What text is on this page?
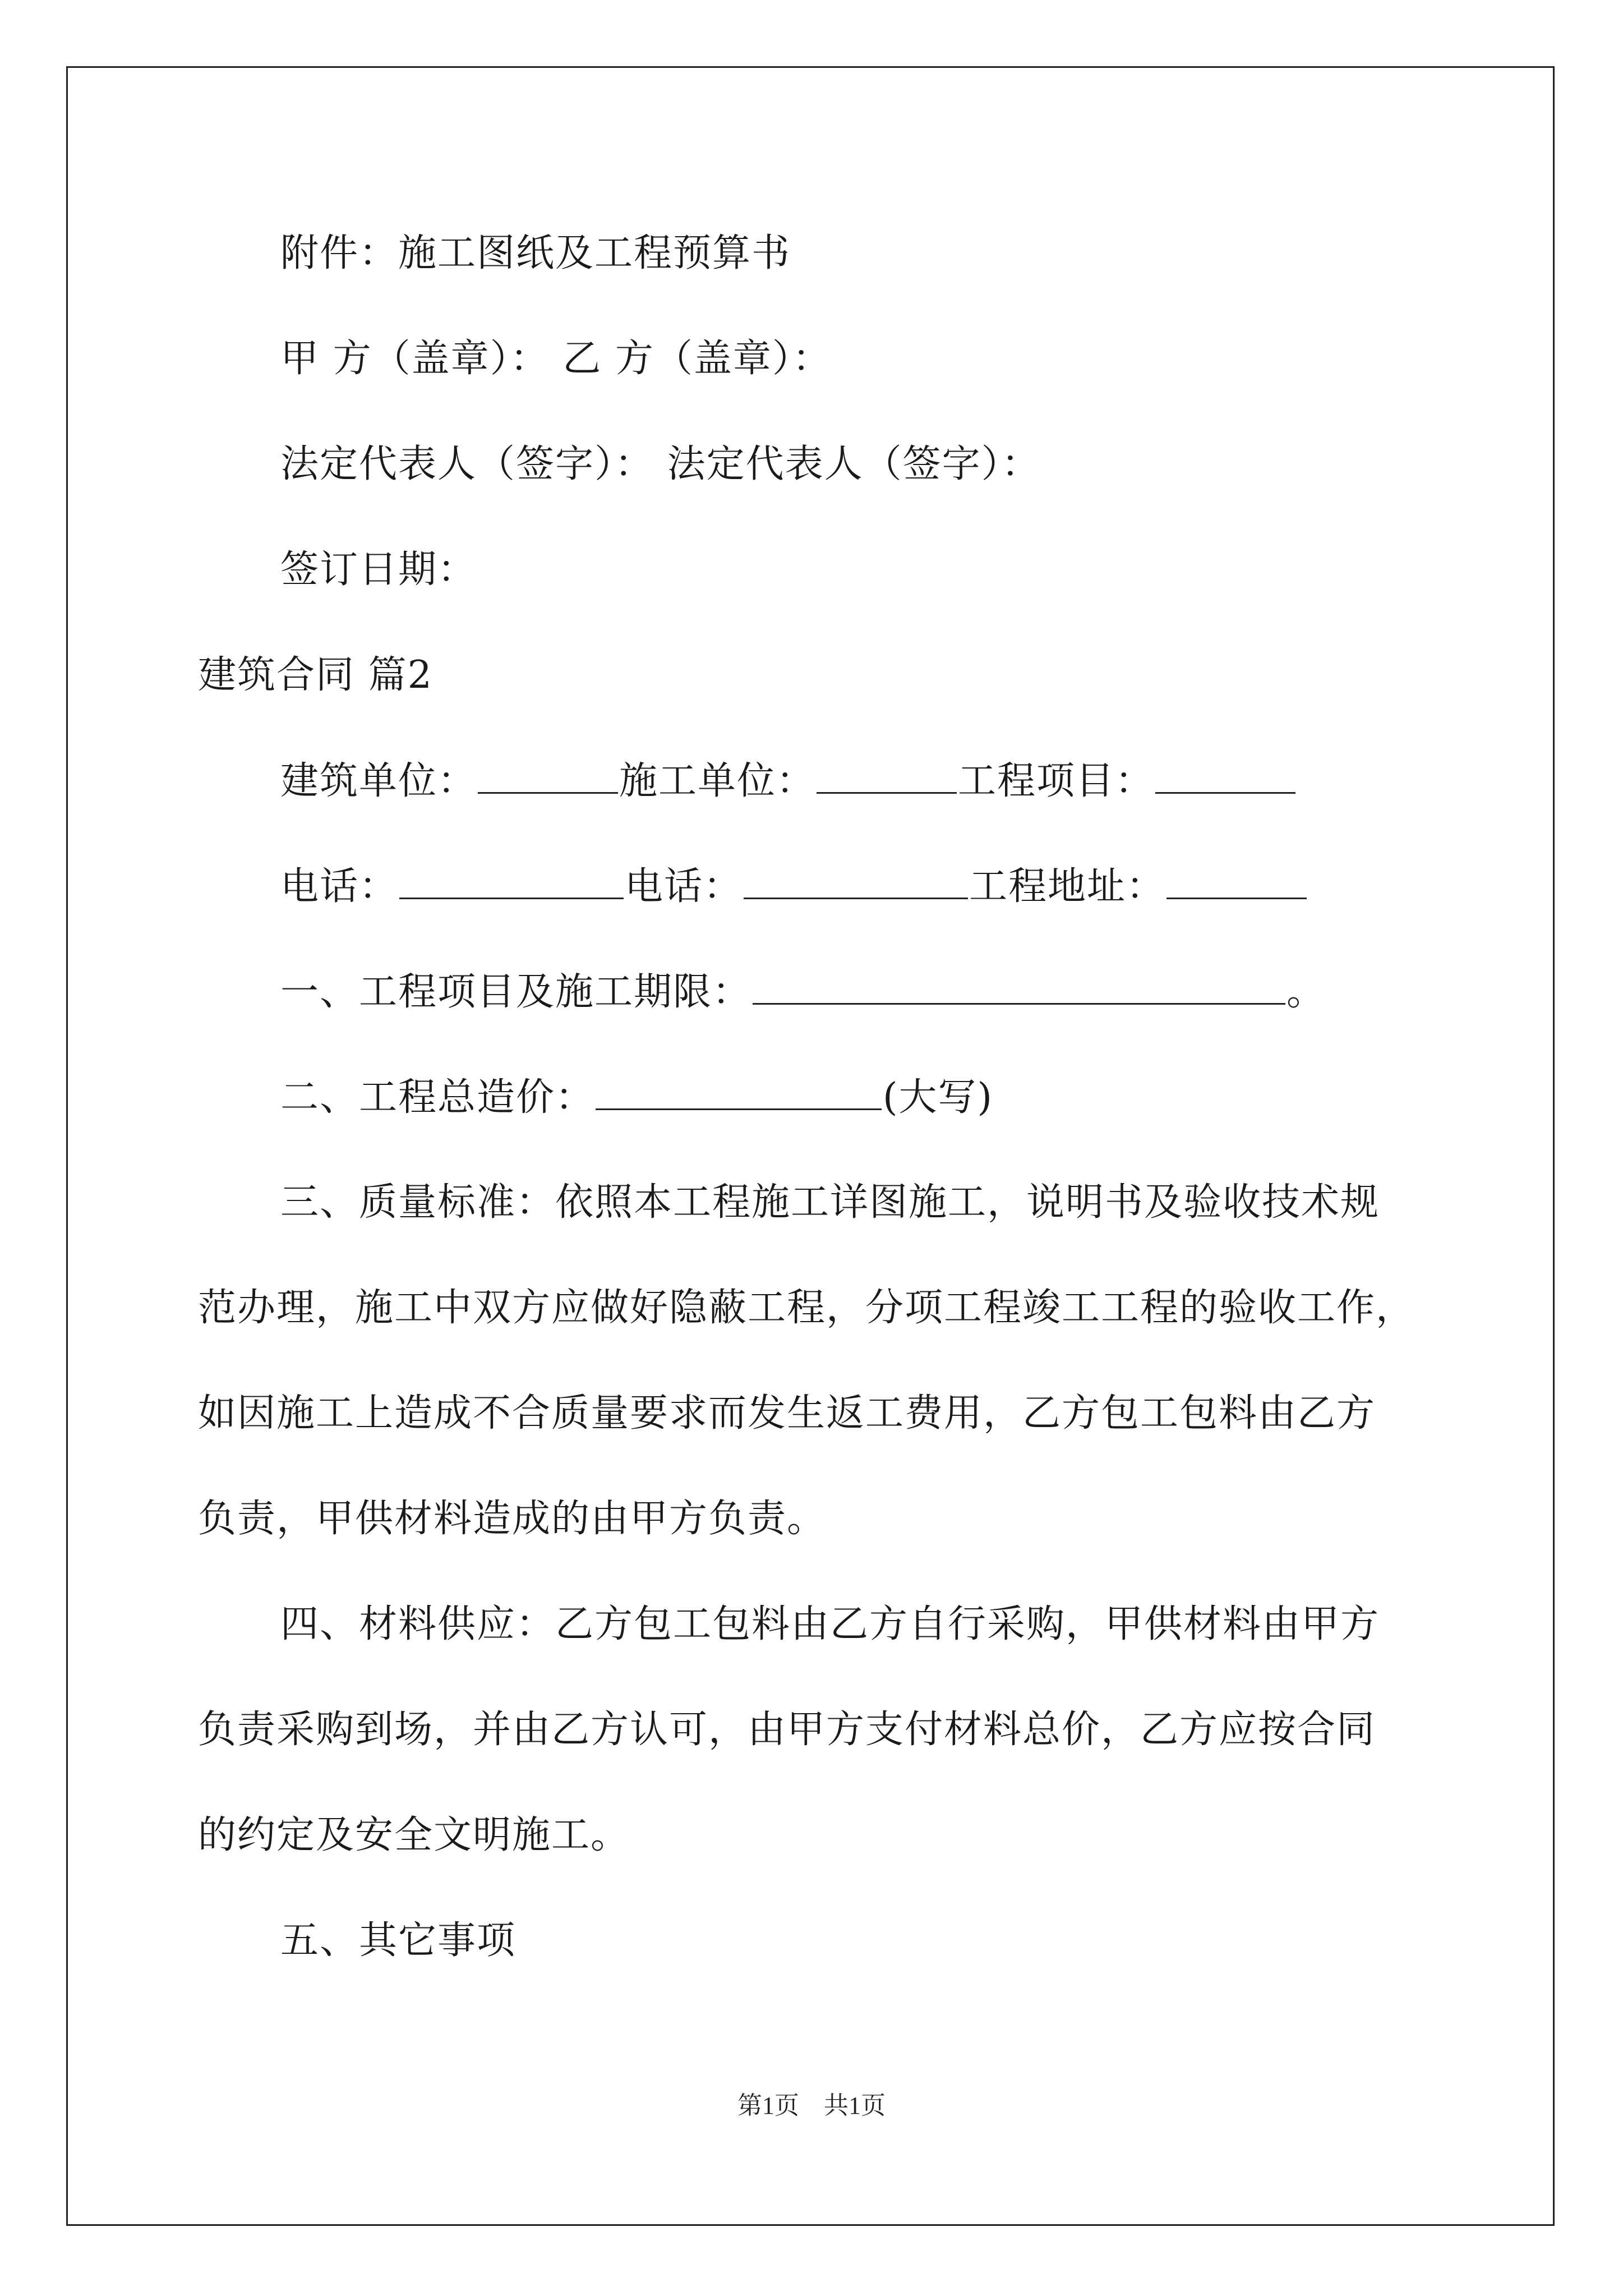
附件：施工图纸及工程预算书
甲 方（盖章）： 乙 方（盖章）：
法定代表人（签字）： 法定代表人（签字）：
签订日期：
建筑合同 篇2
建筑单位：	施工单位：	工程项目：
电话：	电话：	工程地址：
一、工程项目及施工期限：	。
二、工程总造价：	(大写)
三、质量标准：依照本工程施工详图施工，说明书及验收技术规
范办理，施工中双方应做好隐蔽工程，分项工程竣工工程的验收工作，
如因施工上造成不合质量要求而发生返工费用，乙方包工包料由乙方
负责，甲供材料造成的由甲方负责。
四、材料供应：乙方包工包料由乙方自行采购，甲供材料由甲方
负责采购到场，并由乙方认可，由甲方支付材料总价，乙方应按合同
的约定及安全文明施工。
五、其它事项
第1页　共1页
